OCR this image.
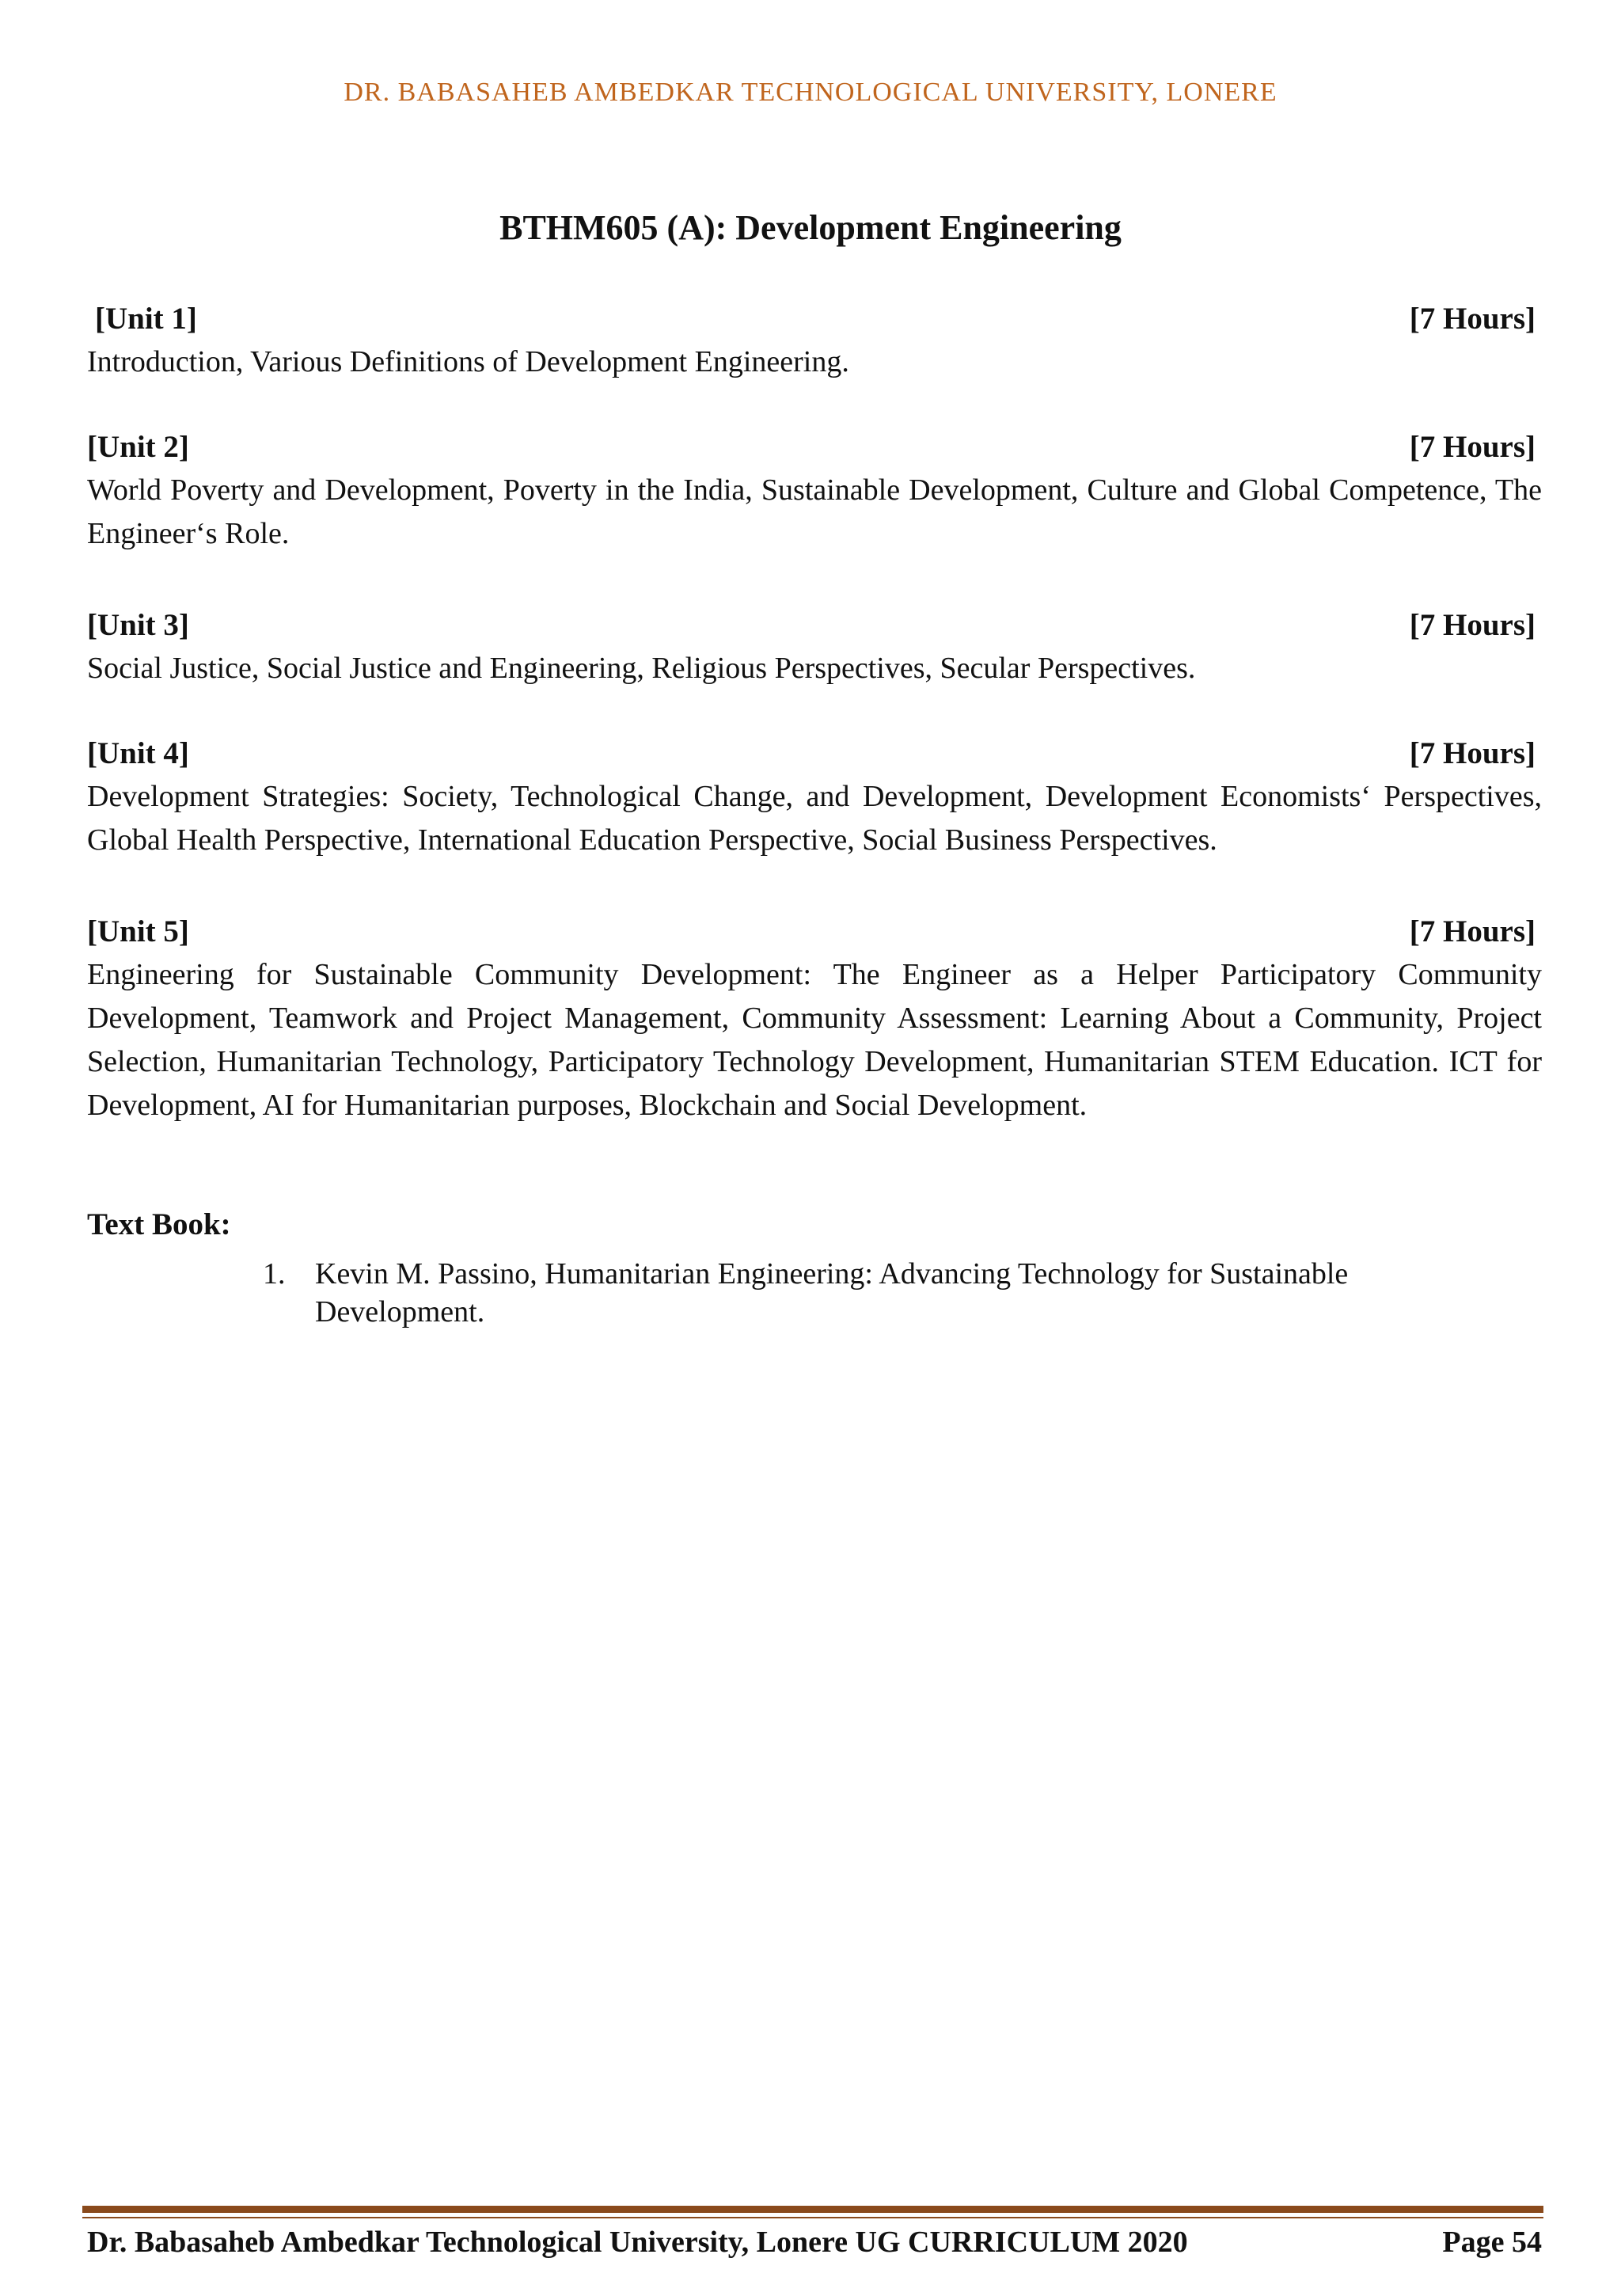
DR. BABASAHEB AMBEDKAR TECHNOLOGICAL UNIVERSITY, LONERE
BTHM605 (A): Development Engineering
[Unit 1]	[7 Hours]
Introduction, Various Definitions of Development Engineering.
[Unit 2]	[7 Hours]
World Poverty and Development, Poverty in the India, Sustainable Development, Culture and Global Competence, The Engineer‘s Role.
[Unit 3]	[7 Hours]
Social Justice, Social Justice and Engineering, Religious Perspectives, Secular Perspectives.
[Unit 4]	[7 Hours]
Development Strategies: Society, Technological Change, and Development, Development Economists‘ Perspectives, Global Health Perspective, International Education Perspective, Social Business Perspectives.
[Unit 5]	[7 Hours]
Engineering for Sustainable Community Development: The Engineer as a Helper Participatory Community Development, Teamwork and Project Management, Community Assessment: Learning About a Community, Project Selection, Humanitarian Technology, Participatory Technology Development, Humanitarian STEM Education. ICT for Development, AI for Humanitarian purposes, Blockchain and Social Development.
Text Book:
1. Kevin M. Passino, Humanitarian Engineering: Advancing Technology for Sustainable Development.
Dr. Babasaheb Ambedkar Technological University, Lonere UG CURRICULUM 2020	Page 54
